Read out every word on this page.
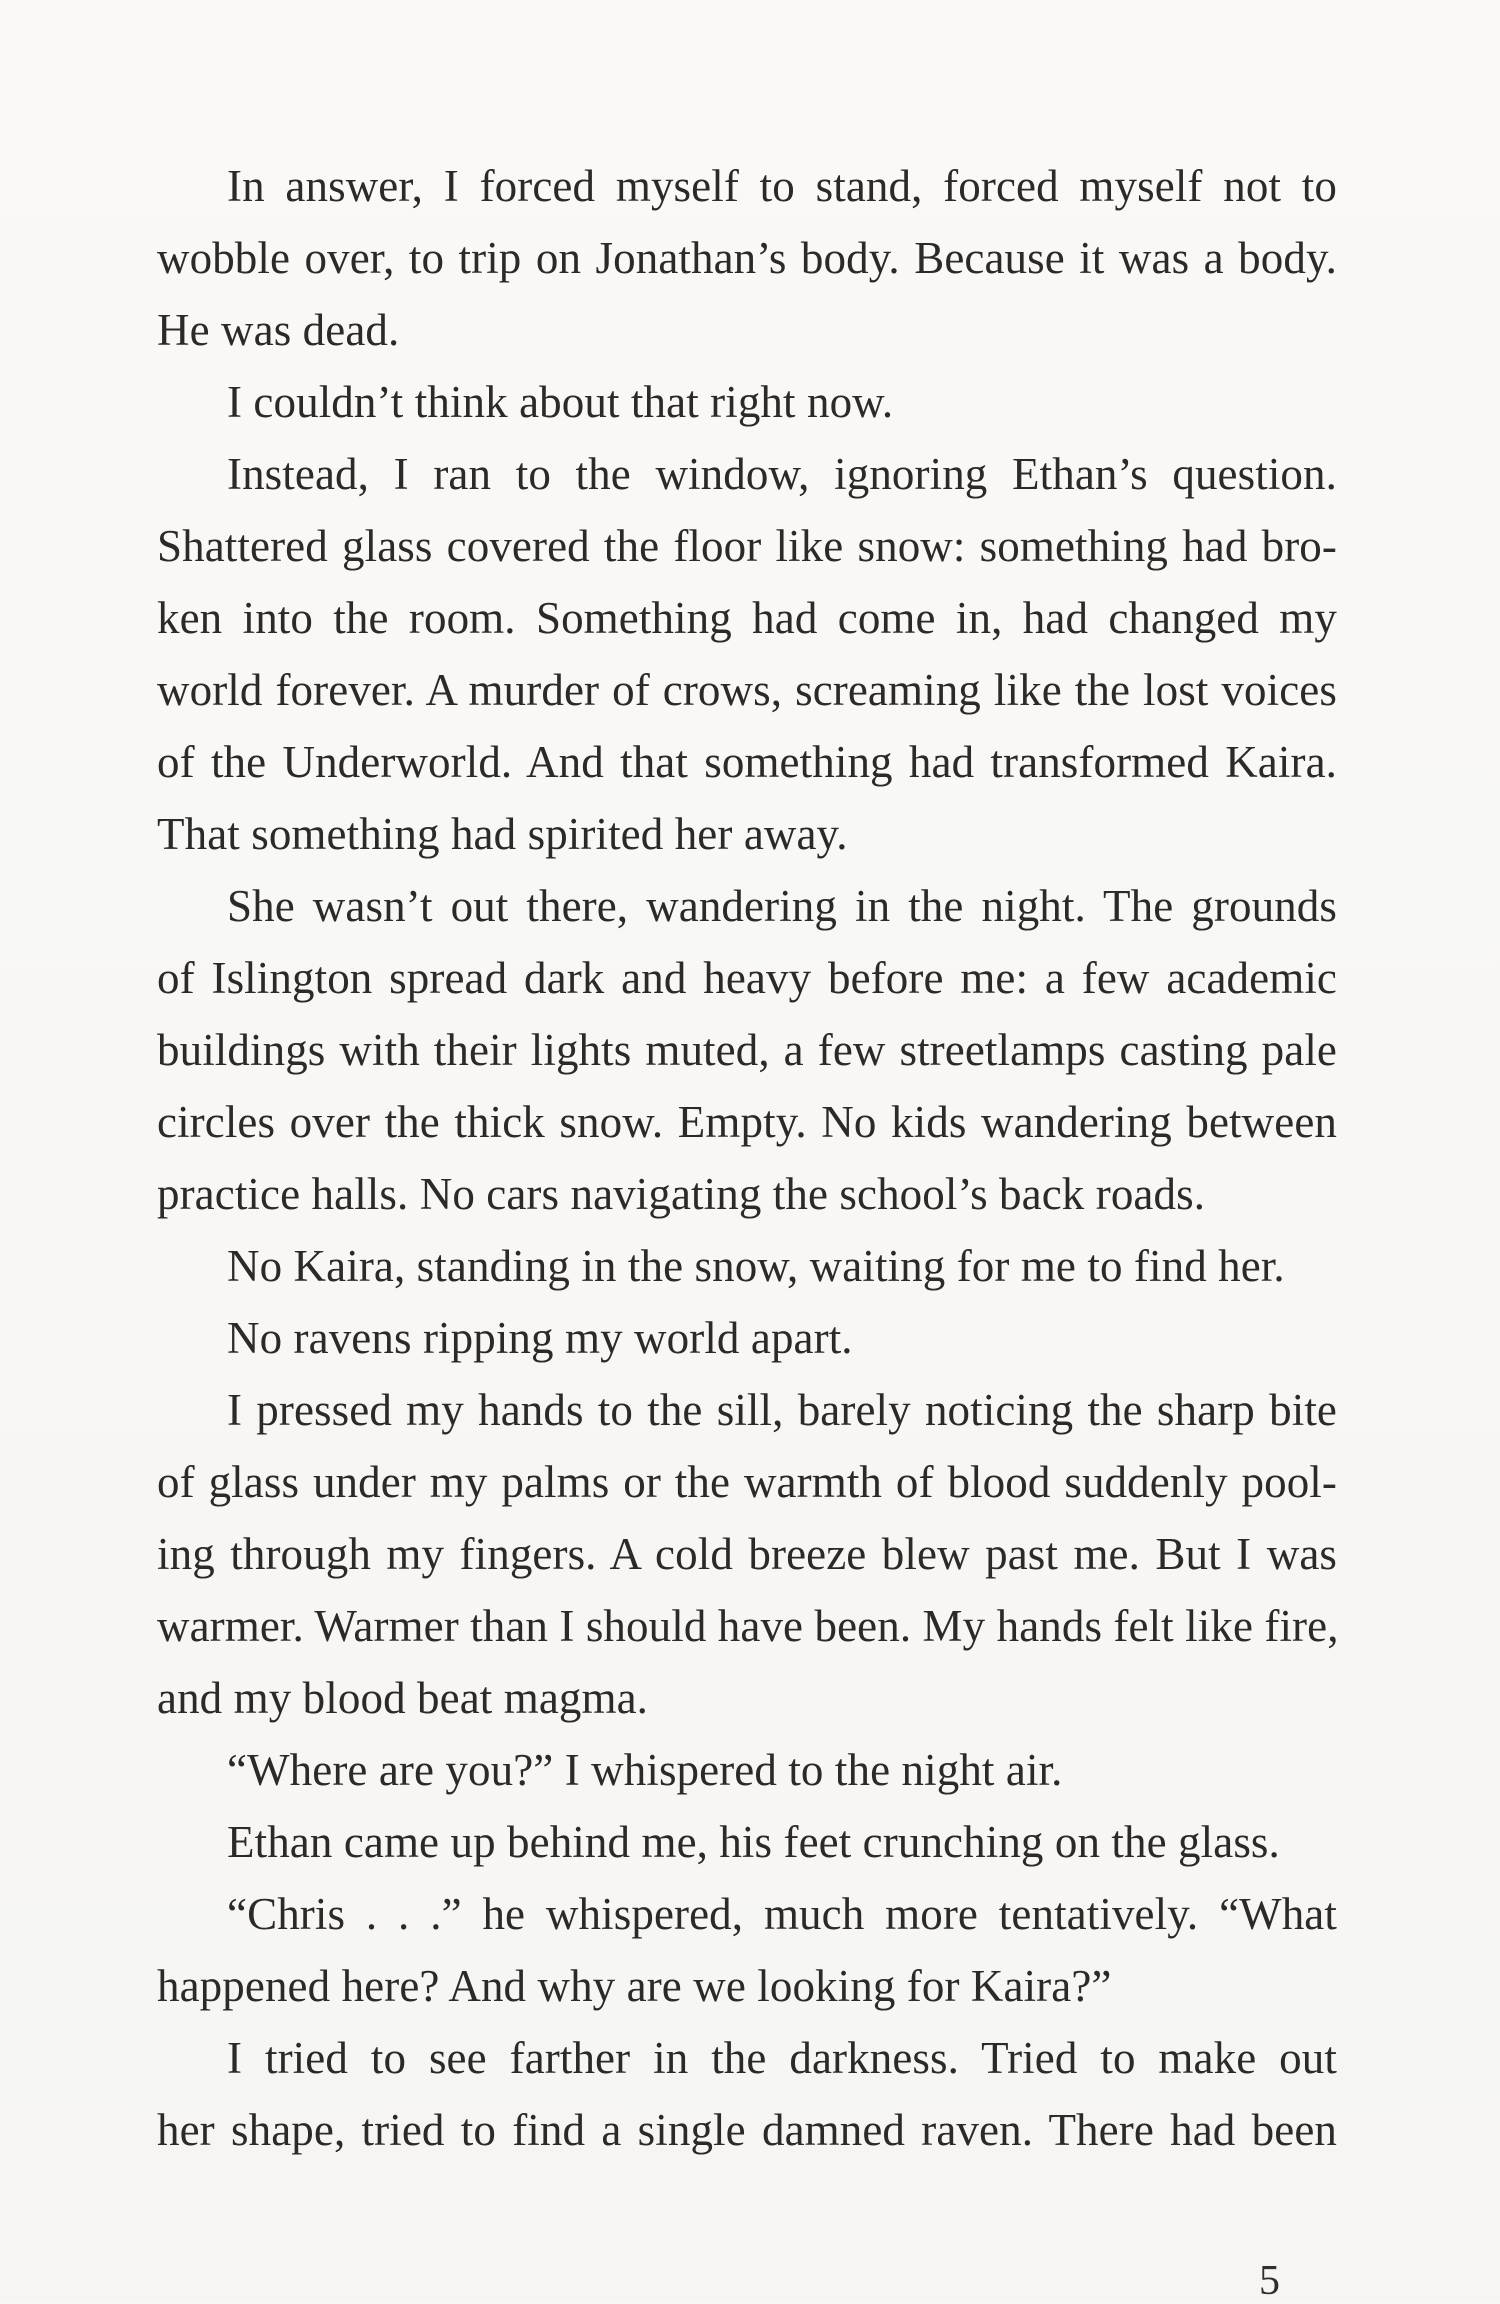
In answer, I forced myself to stand, forced myself not to
wobble over, to trip on Jonathan’s body. Because it was a body.
He was dead.
I couldn’t think about that right now.
Instead, I ran to the window, ignoring Ethan’s question.
Shattered glass covered the floor like snow: something had bro-
ken into the room. Something had come in, had changed my
world forever. A murder of crows, screaming like the lost voices
of the Underworld. And that something had transformed Kaira.
That something had spirited her away.
She wasn’t out there, wandering in the night. The grounds
of Islington spread dark and heavy before me: a few academic
buildings with their lights muted, a few streetlamps casting pale
circles over the thick snow. Empty. No kids wandering between
practice halls. No cars navigating the school’s back roads.
No Kaira, standing in the snow, waiting for me to find her.
No ravens ripping my world apart.
I pressed my hands to the sill, barely noticing the sharp bite
of glass under my palms or the warmth of blood suddenly pool-
ing through my fingers. A cold breeze blew past me. But I was
warmer. Warmer than I should have been. My hands felt like fire,
and my blood beat magma.
“Where are you?” I whispered to the night air.
Ethan came up behind me, his feet crunching on the glass.
“Chris . . .” he whispered, much more tentatively. “What
happened here? And why are we looking for Kaira?”
I tried to see farther in the darkness. Tried to make out
her shape, tried to find a single damned raven. There had been
5
